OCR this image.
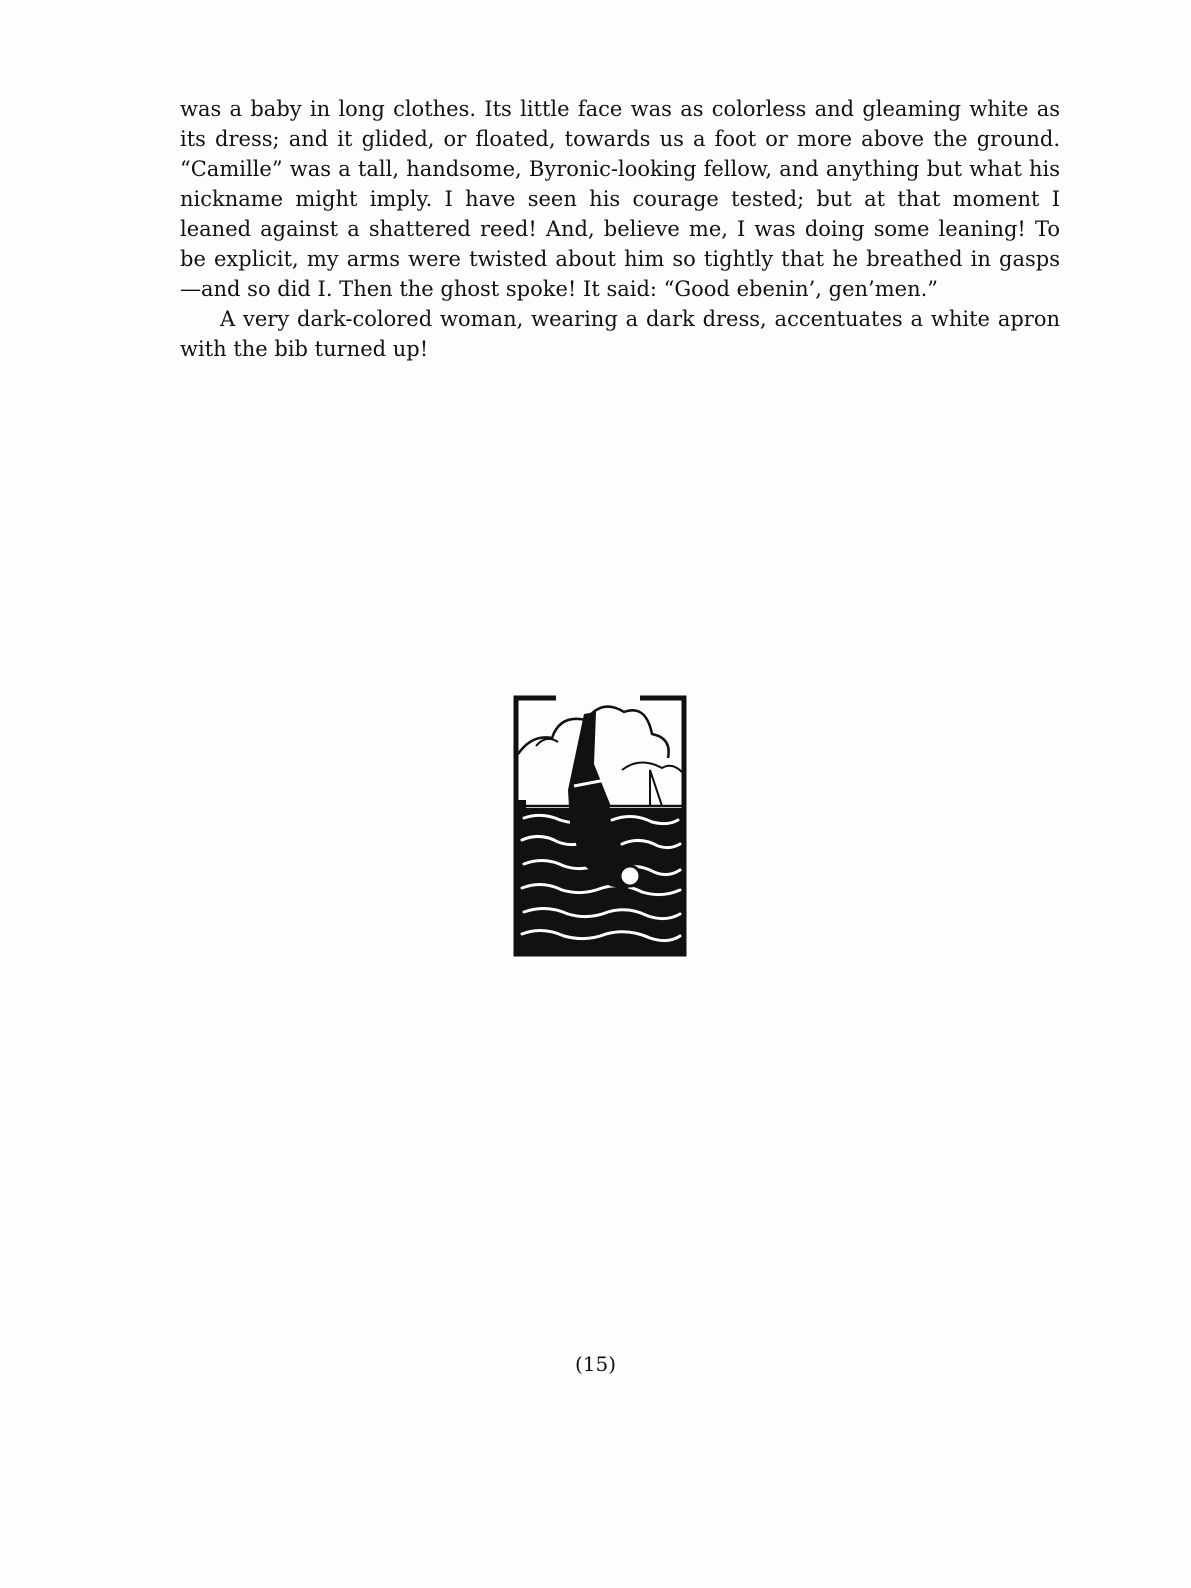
was a baby in long clothes. Its little face was as colorless and gleaming white as its dress; and it glided, or floated, towards us a foot or more above the ground. “Camille” was a tall, handsome, Byronic-looking fellow, and anything but what his nickname might imply. I have seen his courage tested; but at that moment I leaned against a shattered reed! And, believe me, I was doing some leaning! To be explicit, my arms were twisted about him so tightly that he breathed in gasps—and so did I. Then the ghost spoke! It said: “Good ebenin’, gen’men.”

A very dark-colored woman, wearing a dark dress, accentuates a white apron with the bib turned up!

(15)
